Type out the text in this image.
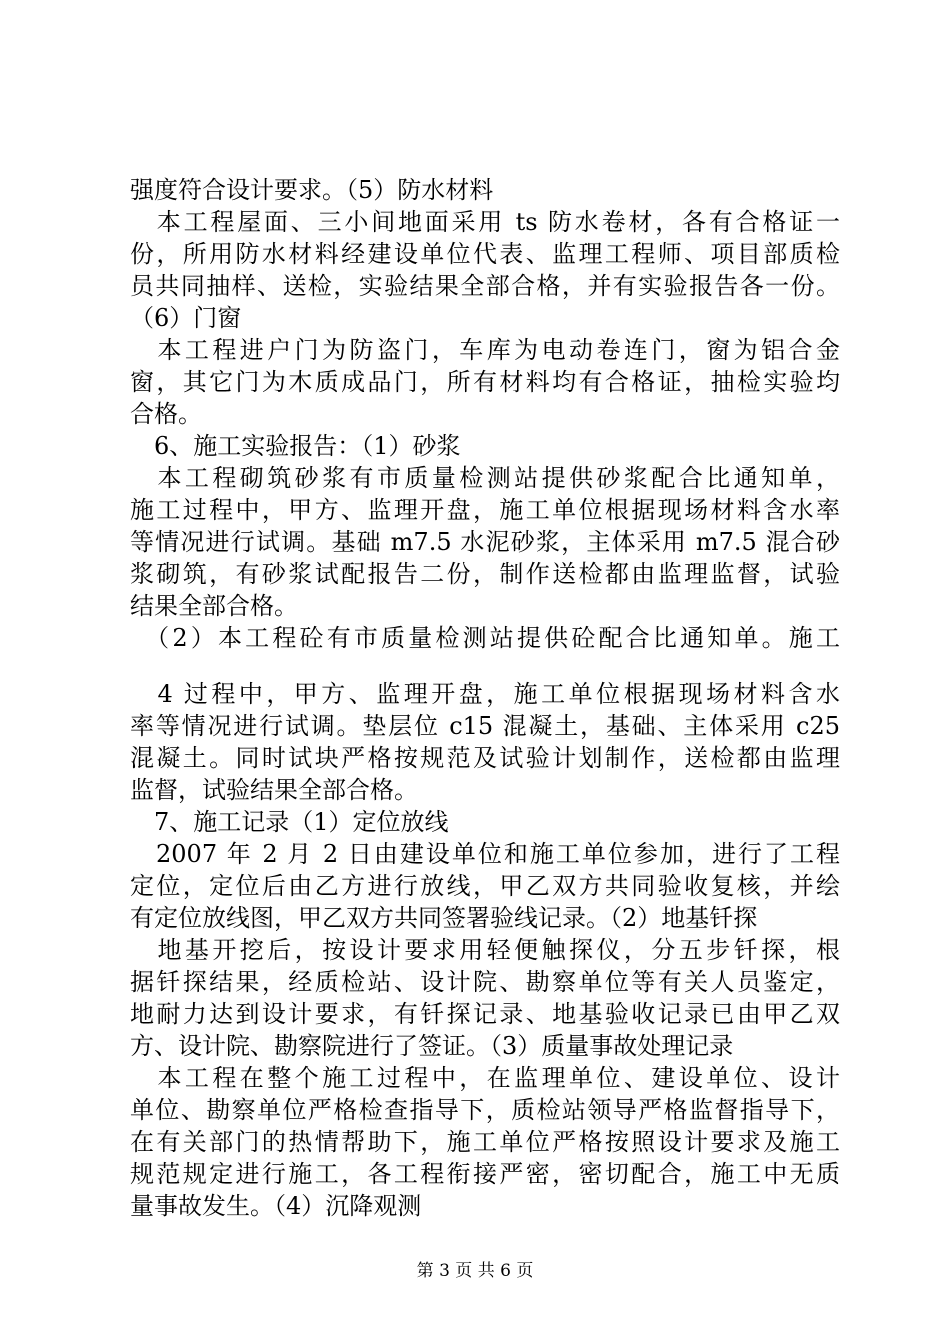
强度符合设计要求。（5）防水材料
　本工程屋面、三小间地面采用 ts 防水卷材，各有合格证一
份，所用防水材料经建设单位代表、监理工程师、项目部质检
员共同抽样、送检，实验结果全部合格，并有实验报告各一份。
（6）门窗
　本工程进户门为防盗门，车库为电动卷连门，窗为铝合金
窗，其它门为木质成品门，所有材料均有合格证，抽检实验均
合格。
　6、施工实验报告：（1）砂浆
　本工程砌筑砂浆有市质量检测站提供砂浆配合比通知单，
施工过程中，甲方、监理开盘，施工单位根据现场材料含水率
等情况进行试调。基础 m7.5 水泥砂浆，主体采用 m7.5 混合砂
浆砌筑，有砂浆试配报告二份，制作送检都由监理监督，试验
结果全部合格。
　（2）本工程砼有市质量检测站提供砼配合比通知单。施工
　4 过程中，甲方、监理开盘，施工单位根据现场材料含水
率等情况进行试调。垫层位 c15 混凝土，基础、主体采用 c25
混凝土。同时试块严格按规范及试验计划制作，送检都由监理
监督，试验结果全部合格。
　7、施工记录（1）定位放线
　2007 年 2 月 2 日由建设单位和施工单位参加，进行了工程
定位，定位后由乙方进行放线，甲乙双方共同验收复核，并绘
有定位放线图，甲乙双方共同签署验线记录。（2）地基钎探
　地基开挖后，按设计要求用轻便触探仪，分五步钎探，根
据钎探结果，经质检站、设计院、勘察单位等有关人员鉴定，
地耐力达到设计要求，有钎探记录、地基验收记录已由甲乙双
方、设计院、勘察院进行了签证。（3）质量事故处理记录
　本工程在整个施工过程中，在监理单位、建设单位、设计
单位、勘察单位严格检查指导下，质检站领导严格监督指导下，
在有关部门的热情帮助下，施工单位严格按照设计要求及施工
规范规定进行施工，各工程衔接严密，密切配合，施工中无质
量事故发生。（4）沉降观测
第 3 页 共 6 页
